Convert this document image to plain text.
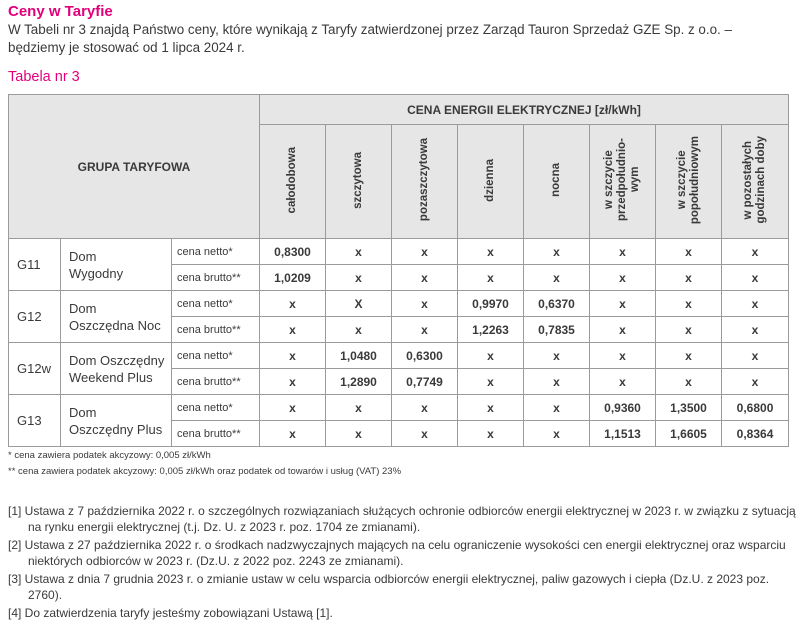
Ceny w Taryfie
W Tabeli nr 3 znajdą Państwo ceny, które wynikają z Taryfy zatwierdzonej przez Zarząd Tauron Sprzedaż GZE Sp. z o.o. – będziemy je stosować od 1 lipca 2024 r.
Tabela nr 3
GRUPA TARYFOWA			CENA ENERGII ELEKTRYCZNEJ [zł/kWh]							
			całodobowa	szczytowa	pozaszczytowa	dzienna	nocna	w szczycie
przedpołudnio-
wym	w szczycie
popołudniowym	w pozostałych
godzinach doby
G11	Dom
Wygodny	cena netto*	0,8300	x	x	x	x	x	x	x
		cena brutto**	1,0209	x	x	x	x	x	x	x
G12	Dom
Oszczędna Noc	cena netto*	x	X	x	0,9970	0,6370	x	x	x
		cena brutto**	x	x	x	1,2263	0,7835	x	x	x
G12w	Dom Oszczędny
Weekend Plus	cena netto*	x	1,0480	0,6300	x	x	x	x	x
		cena brutto**	x	1,2890	0,7749	x	x	x	x	x
G13	Dom
Oszczędny Plus	cena netto*	x	x	x	x	x	0,9360	1,3500	0,6800
		cena brutto**	x	x	x	x	x	1,1513	1,6605	0,8364
* cena zawiera podatek akcyzowy: 0,005 zł/kWh
** cena zawiera podatek akcyzowy: 0,005 zł/kWh oraz podatek od towarów i usług (VAT) 23%

[1] Ustawa z 7 października 2022 r. o szczególnych rozwiązaniach służących ochronie odbiorców energii elektrycznej w 2023 r. w związku z sytuacją na rynku energii elektrycznej (t.j. Dz. U. z 2023 r. poz. 1704 ze zmianami).

[2] Ustawa z 27 października 2022 r. o środkach nadzwyczajnych mających na celu ograniczenie wysokości cen energii elektrycznej oraz wsparciu niektórych odbiorców w 2023 r. (Dz.U. z 2022 poz. 2243 ze zmianami).

[3] Ustawa z dnia 7 grudnia 2023 r. o zmianie ustaw w celu wsparcia odbiorców energii elektrycznej, paliw gazowych i ciepła (Dz.U. z 2023 poz. 2760).

[4] Do zatwierdzenia taryfy jesteśmy zobowiązani Ustawą [1].
